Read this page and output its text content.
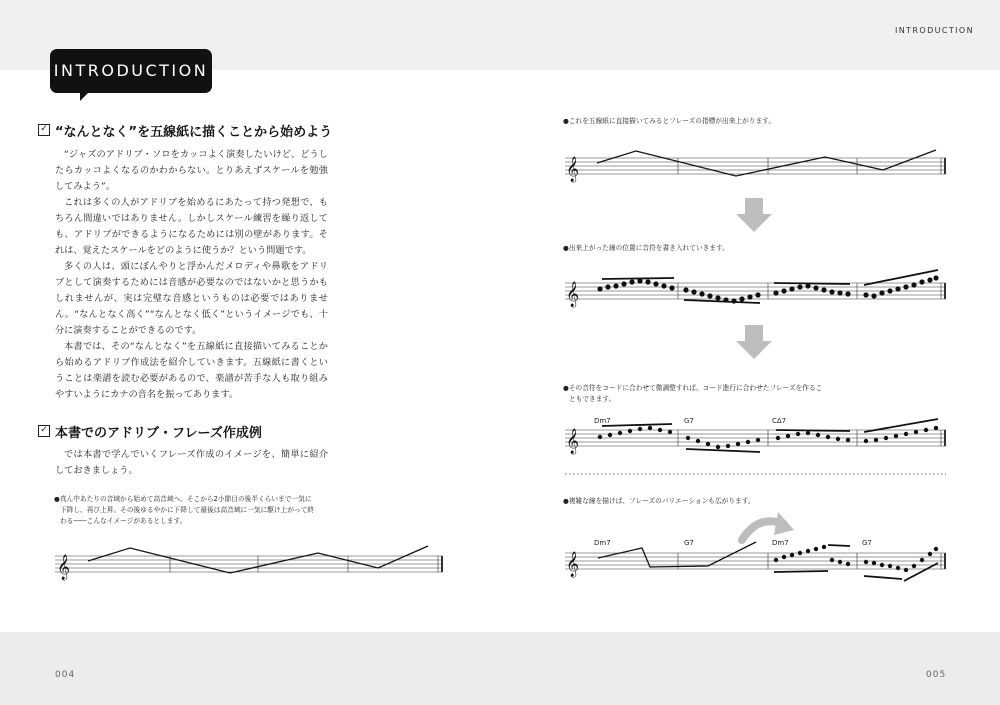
INTRODUCTION
INTRODUCTION
✓ “なんとなく”を五線紙に描くことから始めよう

“ジャズのアドリブ・ソロをカッコよく演奏したいけど、どうしたらカッコよくなるのかわからない。とりあえずスケールを勉強してみよう”。

これは多くの人がアドリブを始めるにあたって持つ発想で、もちろん間違いではありません。しかしスケール練習を繰り返しても、アドリブができるようになるためには別の壁があります。それは、覚えたスケールをどのように使うか？という問題です。

多くの人は、頭にぼんやりと浮かんだメロディや鼻歌をアドリブとして演奏するためには音感が必要なのではないかと思うかもしれませんが、実は完璧な音感というものは必要ではありません。“なんとなく高く”“なんとなく低く”というイメージでも、十分に演奏することができるのです。

本書では、その“なんとなく”を五線紙に直接描いてみることから始めるアドリブ作成法を紹介していきます。五線紙に書くということは楽譜を読む必要があるので、楽譜が苦手な人も取り組みやすいようにカナの音名を振ってあります。

✓ 本書でのアドリブ・フレーズ作成例

では本書で学んでいくフレーズ作成のイメージを、簡単に紹介しておきましょう。

●真ん中あたりの音域から始めて高音域へ。そこから2小節目の後半くらいまで一気に
下降し、再び上昇。その後ゆるやかに下降して最後は高音域に一気に駆け上がって終
わる――こんなイメージがあるとします。
●これを五線紙に直接描いてみるとフレーズの指標が出来上がります。
●出来上がった線の位置に音符を書き入れていきます。
●その音符をコードに合わせて微調整すれば、コード進行に合わせたフレーズを作るこ
ともできます。
●複雑な線を描けば、フレーズのバリエーションも広がります。
Dm7	G7	CΔ7
Dm7	G7	Dm7	G7
004	005
𝄞
𝄞
𝄞
𝄞
𝄞
